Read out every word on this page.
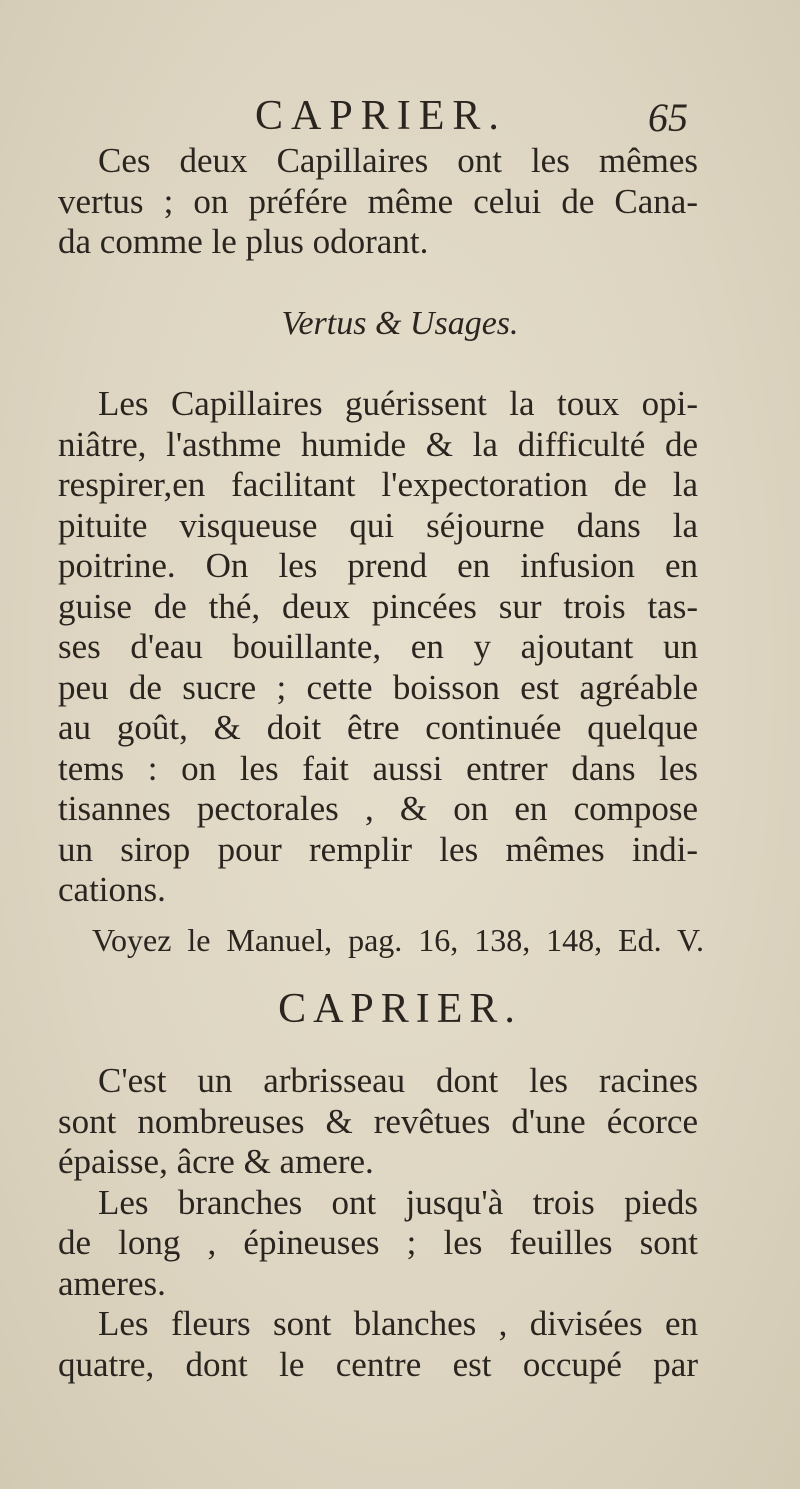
CAPRIER.	65
Ces deux Capillaires ont les mêmes
vertus ; on préfére même celui de Cana-
da comme le plus odorant.
Vertus & Usages.
Les Capillaires guérissent la toux opi-
niâtre, l'asthme humide & la difficulté de
respirer,en facilitant l'expectoration de la
pituite visqueuse qui séjourne dans la
poitrine. On les prend en infusion en
guise de thé, deux pincées sur trois tas-
ses d'eau bouillante, en y ajoutant un
peu de sucre ; cette boisson est agréable
au goût, & doit être continuée quelque
tems : on les fait aussi entrer dans les
tisannes pectorales , & on en compose
un sirop pour remplir les mêmes indi-
cations.
Voyez le Manuel, pag. 16, 138, 148, Ed. V.
CAPRIER.
C'est un arbrisseau dont les racines
sont nombreuses & revêtues d'une écorce
épaisse, âcre & amere.
Les branches ont jusqu'à trois pieds
de long , épineuses ; les feuilles sont
ameres.
Les fleurs sont blanches , divisées en
quatre, dont le centre est occupé par
